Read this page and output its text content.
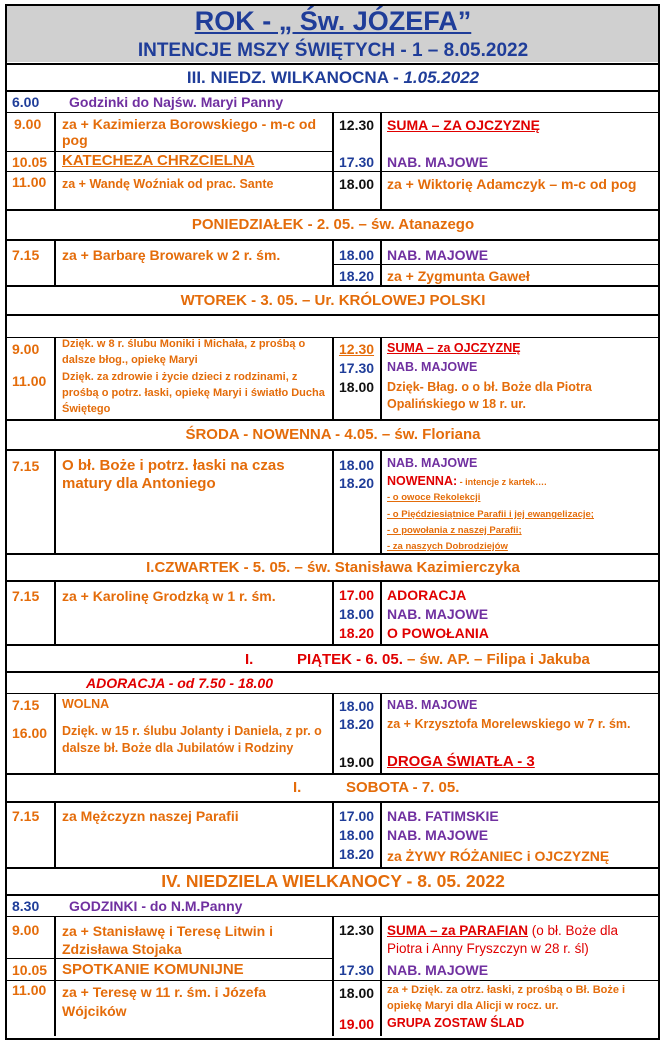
ROK - „ Św. JÓZEFA”
INTENCJE MSZY ŚWIĘTYCH - 1 – 8.05.2022
III. NIEDZ. WILKANOCNA - 1.05.2022
6.00 Godzinki do Najśw. Maryi Panny
9.00 za + Kazimierza Borowskiego - m-c od pog
10.05 KATECHEZA CHRZCIELNA
11.00 za + Wandę Woźniak od prac. Sante
12.30 SUMA – ZA OJCZYZNĘ
17.30 NAB. MAJOWE
18.00 za + Wiktorię Adamczyk – m-c od pog
PONIEDZIAŁEK - 2. 05. – św. Atanazego
7.15 za + Barbarę Browarek w 2 r. śm.	18.00 NAB. MAJOWE
18.20 za + Zygmunta Gaweł
WTOREK - 3. 05. – Ur. KRÓLOWEJ POLSKI
9.00 Dzięk. w 8 r. ślubu Moniki i Michała, z prośbą o dalsze błog., opiekę Maryi
11.00 Dzięk. za zdrowie i życie dzieci z rodzinami, z prośbą o potrz. łaski, opiekę Maryi i światło Ducha Świętego
12.30 SUMA – za OJCZYZNĘ
17.30 NAB. MAJOWE
18.00 Dzięk- Błag. o o bł. Boże dla Piotra Opalińskiego w 18 r. ur.
ŚRODA - NOWENNA - 4.05. – św. Floriana
7.15 O bł. Boże i potrz. łaski na czas matury dla Antoniego
18.00 NAB. MAJOWE
18.20 NOWENNA: - intencje z kartek….
- o owoce Rekolekcji
- o Pięćdziesiątnice Parafii i jej ewangelizacje;
- o powołania z naszej Parafii;
- za naszych Dobrodziejów
I.CZWARTEK - 5. 05. – św. Stanisława Kazimierczyka
7.15 za + Karolinę Grodzką w 1 r. śm.	17.00 ADORACJA
18.00 NAB. MAJOWE
18.20 O POWOŁANIA
I.	PIĄTEK - 6. 05. – św. AP. – Filipa i Jakuba
ADORACJA - od 7.50 - 18.00
7.15 WOLNA
16.00 Dzięk. w 15 r. ślubu Jolanty i Daniela, z pr. o dalsze bł. Boże dla Jubilatów i Rodziny
18.00 NAB. MAJOWE
18.20 za + Krzysztofa Morelewskiego w 7 r. śm.
19.00 DROGA ŚWIATŁA - 3
I.	SOBOTA - 7. 05.
7.15 za Mężczyzn naszej Parafii	17.00 NAB. FATIMSKIE
18.00 NAB. MAJOWE
18.20 za ŻYWY RÓŻANIEC i OJCZYZNĘ
IV. NIEDZIELA WIELKANOCY - 8. 05. 2022
8.30 GODZINKI - do N.M.Panny
9.00 za + Stanisławę i Teresę Litwin i Zdzisława Stojaka
10.05 SPOTKANIE KOMUNIJNE
11.00 za + Teresę w 11 r. śm. i Józefa Wójcików
12.30 SUMA – za PARAFIAN (o bł. Boże dla Piotra i Anny Fryszczyn w 28 r. śl)
17.30 NAB. MAJOWE
18.00 za + Dzięk. za otrz. łaski, z prośbą o Bł. Boże i opiekę Maryi dla Alicji w rocz. ur.
19.00 GRUPA ZOSTAW ŚLAD
